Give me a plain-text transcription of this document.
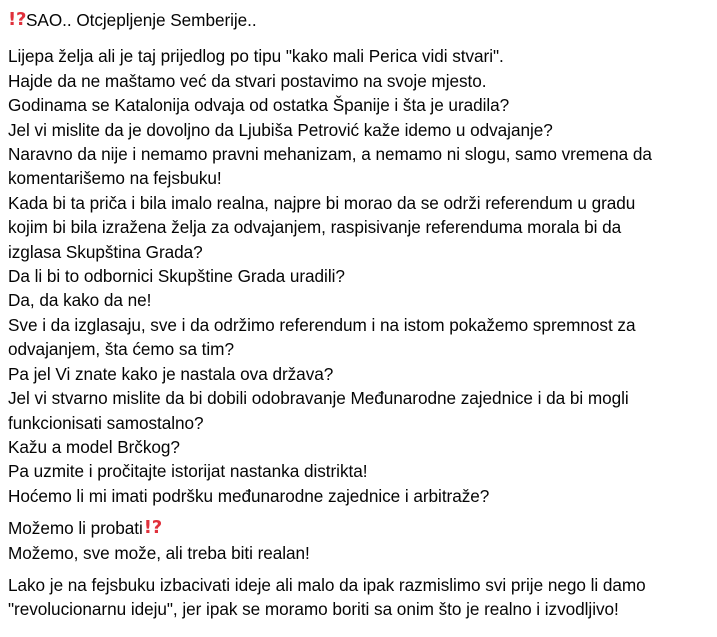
! ? SAO.. Otcjepljenje Semberije..
Lijepa želja ali je taj prijedlog po tipu "kako mali Perica vidi stvari".
Hajde da ne maštamo već da stvari postavimo na svoje mjesto.
Godinama se Katalonija odvaja od ostatka Španije i šta je uradila?
Jel vi mislite da je dovoljno da Ljubiša Petrović kaže idemo u odvajanje?
Naravno da nije i nemamo pravni mehanizam, a nemamo ni slogu, samo vremena da
komentarišemo na fejsbuku!
Kada bi ta priča i bila imalo realna, najpre bi morao da se održi referendum u gradu
kojim bi bila izražena želja za odvajanjem, raspisivanje referenduma morala bi da
izglasa Skupština Grada?
Da li bi to odbornici Skupštine Grada uradili?
Da, da kako da ne!
Sve i da izglasaju, sve i da održimo referendum i na istom pokažemo spremnost za
odvajanjem, šta ćemo sa tim?
Pa jel Vi znate kako je nastala ova država?
Jel vi stvarno mislite da bi dobili odobravanje Međunarodne zajednice i da bi mogli
funkcionisati samostalno?
Kažu a model Brčkog?
Pa uzmite i pročitajte istorijat nastanka distrikta!
Hoćemo li mi imati podršku međunarodne zajednice i arbitraže?
Možemo li probati ! ?
Možemo, sve može, ali treba biti realan!
Lako je na fejsbuku izbacivati ideje ali malo da ipak razmislimo svi prije nego li damo
"revolucionarnu ideju", jer ipak se moramo boriti sa onim što je realno i izvodljivo!
